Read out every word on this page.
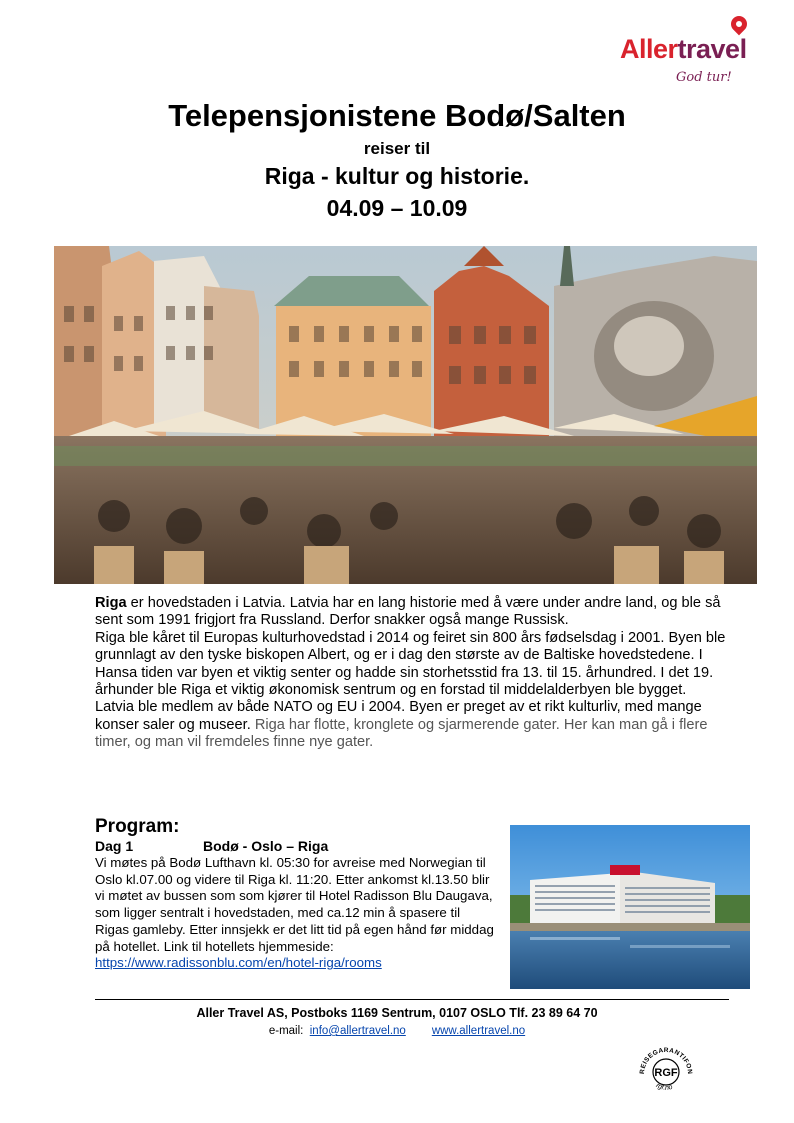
Allertravel
God tur!
Telepensjonistene Bodø/Salten
reiser til
Riga - kultur og historie.
04.09 – 10.09

Riga er hovedstaden i Latvia. Latvia har en lang historie med å være under andre land, og ble så sent som 1991 frigjort fra Russland. Derfor snakker også mange Russisk.

Riga ble kåret til Europas kulturhovedstad i 2014 og feiret sin 800 års fødselsdag i 2001. Byen ble grunnlagt av den tyske biskopen Albert, og er i dag den største av de Baltiske hovedstedene. I Hansa tiden var byen et viktig senter og hadde sin storhetsstid fra 13. til 15. århundred. I det 19. århunder ble Riga et viktig økonomisk sentrum og en forstad til middelalderbyen ble bygget.

Latvia ble medlem av både NATO og EU i 2004. Byen er preget av et rikt kulturliv, med mange konser saler og museer. Riga har flotte, kronglete og sjarmerende gater. Her kan man gå i flere timer, og man vil fremdeles finne nye gater.

Program:
Dag 1	Bodø - Oslo – Riga
Vi møtes på Bodø Lufthavn kl. 05:30 for avreise med Norwegian til Oslo kl.07.00 og videre til Riga kl. 11:20. Etter ankomst kl.13.50 blir vi møtet av bussen som som kjører til Hotel Radisson Blu Daugava, som ligger sentralt i hovedstaden, med ca.12 min å spasere til Rigas gamleby. Etter innsjekk er det litt tid på egen hånd før middag på hotellet. Link til hotellets hjemmeside:
https://www.radissonblu.com/en/hotel-riga/rooms
Aller Travel AS, Postboks 1169 Sentrum, 0107 OSLO Tlf. 23 89 64 70
e-mail:  info@allertravel.no www.allertravel.no
RGF
REISEGARANTIFON
rgf.no
